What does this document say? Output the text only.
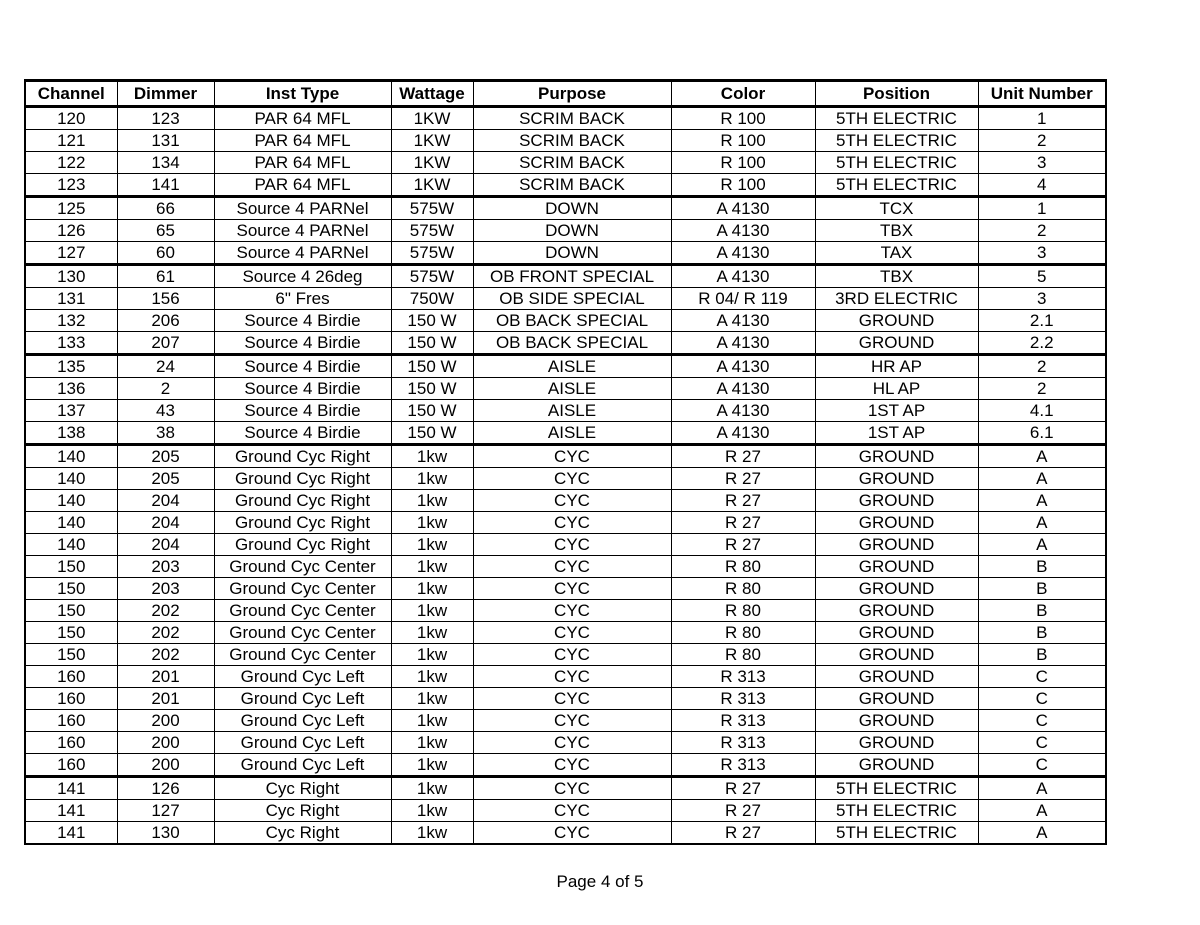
Channel	Dimmer	Inst Type	Wattage	Purpose	Color	Position	Unit Number
120	123	PAR 64 MFL	1KW	SCRIM BACK	R 100	5TH ELECTRIC	1
121	131	PAR 64 MFL	1KW	SCRIM BACK	R 100	5TH ELECTRIC	2
122	134	PAR 64 MFL	1KW	SCRIM BACK	R 100	5TH ELECTRIC	3
123	141	PAR 64 MFL	1KW	SCRIM BACK	R 100	5TH ELECTRIC	4
125	66	Source 4 PARNel	575W	DOWN	A 4130	TCX	1
126	65	Source 4 PARNel	575W	DOWN	A 4130	TBX	2
127	60	Source 4 PARNel	575W	DOWN	A 4130	TAX	3
130	61	Source 4 26deg	575W	OB FRONT SPECIAL	A 4130	TBX	5
131	156	6" Fres	750W	OB SIDE SPECIAL	R 04/ R 119	3RD ELECTRIC	3
132	206	Source 4 Birdie	150 W	OB BACK SPECIAL	A 4130	GROUND	2.1
133	207	Source 4 Birdie	150 W	OB BACK SPECIAL	A 4130	GROUND	2.2
135	24	Source 4 Birdie	150 W	AISLE	A 4130	HR AP	2
136	2	Source 4 Birdie	150 W	AISLE	A 4130	HL AP	2
137	43	Source 4 Birdie	150 W	AISLE	A 4130	1ST AP	4.1
138	38	Source 4 Birdie	150 W	AISLE	A 4130	1ST AP	6.1
140	205	Ground Cyc Right	1kw	CYC	R 27	GROUND	A
140	205	Ground Cyc Right	1kw	CYC	R 27	GROUND	A
140	204	Ground Cyc Right	1kw	CYC	R 27	GROUND	A
140	204	Ground Cyc Right	1kw	CYC	R 27	GROUND	A
140	204	Ground Cyc Right	1kw	CYC	R 27	GROUND	A
150	203	Ground Cyc Center	1kw	CYC	R 80	GROUND	B
150	203	Ground Cyc Center	1kw	CYC	R 80	GROUND	B
150	202	Ground Cyc Center	1kw	CYC	R 80	GROUND	B
150	202	Ground Cyc Center	1kw	CYC	R 80	GROUND	B
150	202	Ground Cyc Center	1kw	CYC	R 80	GROUND	B
160	201	Ground Cyc Left	1kw	CYC	R 313	GROUND	C
160	201	Ground Cyc Left	1kw	CYC	R 313	GROUND	C
160	200	Ground Cyc Left	1kw	CYC	R 313	GROUND	C
160	200	Ground Cyc Left	1kw	CYC	R 313	GROUND	C
160	200	Ground Cyc Left	1kw	CYC	R 313	GROUND	C
141	126	Cyc Right	1kw	CYC	R 27	5TH ELECTRIC	A
141	127	Cyc Right	1kw	CYC	R 27	5TH ELECTRIC	A
141	130	Cyc Right	1kw	CYC	R 27	5TH ELECTRIC	A
Page 4 of 5
